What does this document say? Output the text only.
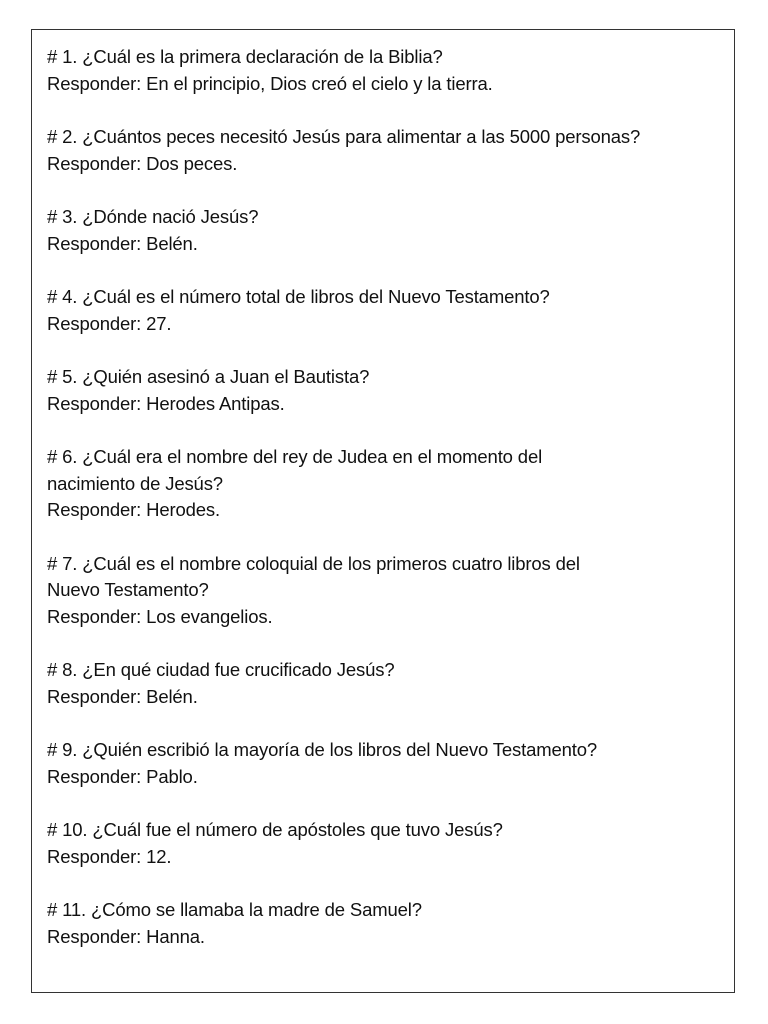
# 1. ¿Cuál es la primera declaración de la Biblia?
Responder: En el principio, Dios creó el cielo y la tierra.
# 2. ¿Cuántos peces necesitó Jesús para alimentar a las 5000 personas?
Responder: Dos peces.
# 3. ¿Dónde nació Jesús?
Responder: Belén.
# 4. ¿Cuál es el número total de libros del Nuevo Testamento?
Responder: 27.
# 5. ¿Quién asesinó a Juan el Bautista?
Responder: Herodes Antipas.
# 6. ¿Cuál era el nombre del rey de Judea en el momento del
nacimiento de Jesús?
Responder: Herodes.
# 7. ¿Cuál es el nombre coloquial de los primeros cuatro libros del
Nuevo Testamento?
Responder: Los evangelios.
# 8. ¿En qué ciudad fue crucificado Jesús?
Responder: Belén.
# 9. ¿Quién escribió la mayoría de los libros del Nuevo Testamento?
Responder: Pablo.
# 10. ¿Cuál fue el número de apóstoles que tuvo Jesús?
Responder: 12.
# 11. ¿Cómo se llamaba la madre de Samuel?
Responder: Hanna.
